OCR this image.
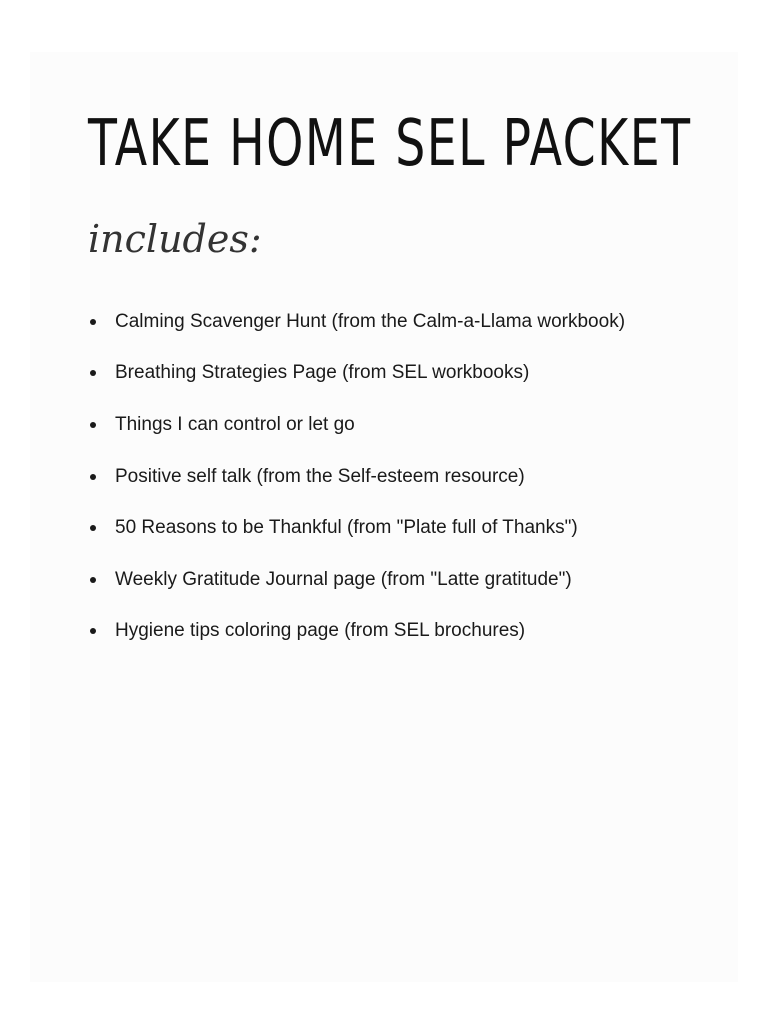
TAKE HOME SEL PACKET
includes:
Calming Scavenger Hunt (from the Calm-a-Llama workbook)
Breathing Strategies Page (from SEL workbooks)
Things I can control or let go
Positive self talk (from the Self-esteem resource)
50 Reasons to be Thankful (from "Plate full of Thanks")
Weekly Gratitude Journal page (from "Latte gratitude")
Hygiene tips coloring page (from SEL brochures)
